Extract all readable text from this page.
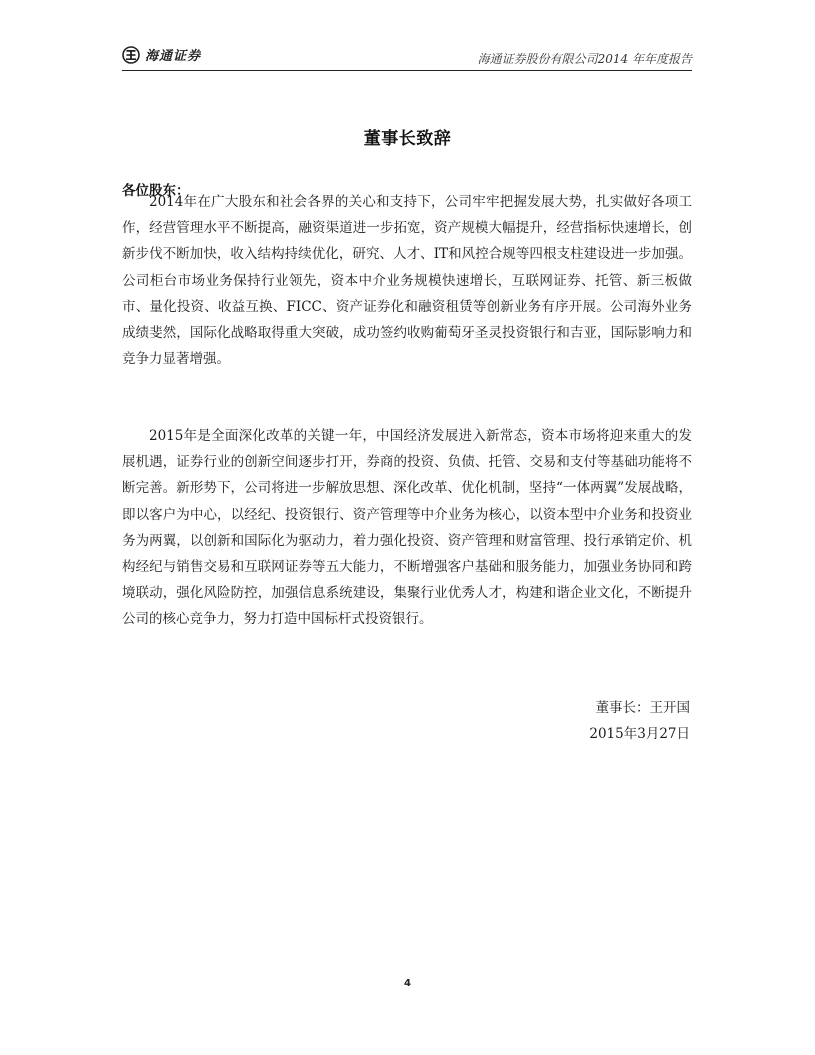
海通证券	海通证券股份有限公司2014 年年度报告
董事长致辞
各位股东：

2014年在广大股东和社会各界的关心和支持下，公司牢牢把握发展大势，扎实做好各项工作，经营管理水平不断提高，融资渠道进一步拓宽，资产规模大幅提升，经营指标快速增长，创新步伐不断加快，收入结构持续优化，研究、人才、IT和风控合规等四根支柱建设进一步加强。公司柜台市场业务保持行业领先，资本中介业务规模快速增长，互联网证券、托管、新三板做市、量化投资、收益互换、FICC、资产证券化和融资租赁等创新业务有序开展。公司海外业务成绩斐然，国际化战略取得重大突破，成功签约收购葡萄牙圣灵投资银行和吉亚，国际影响力和竞争力显著增强。

2015年是全面深化改革的关键一年，中国经济发展进入新常态，资本市场将迎来重大的发展机遇，证券行业的创新空间逐步打开，券商的投资、负债、托管、交易和支付等基础功能将不断完善。新形势下，公司将进一步解放思想、深化改革、优化机制，坚持“一体两翼”发展战略，即以客户为中心，以经纪、投资银行、资产管理等中介业务为核心，以资本型中介业务和投资业务为两翼，以创新和国际化为驱动力，着力强化投资、资产管理和财富管理、投行承销定价、机构经纪与销售交易和互联网证券等五大能力，不断增强客户基础和服务能力，加强业务协同和跨境联动，强化风险防控，加强信息系统建设，集聚行业优秀人才，构建和谐企业文化，不断提升公司的核心竞争力，努力打造中国标杆式投资银行。

董事长：王开国
2015年3月27日
4
